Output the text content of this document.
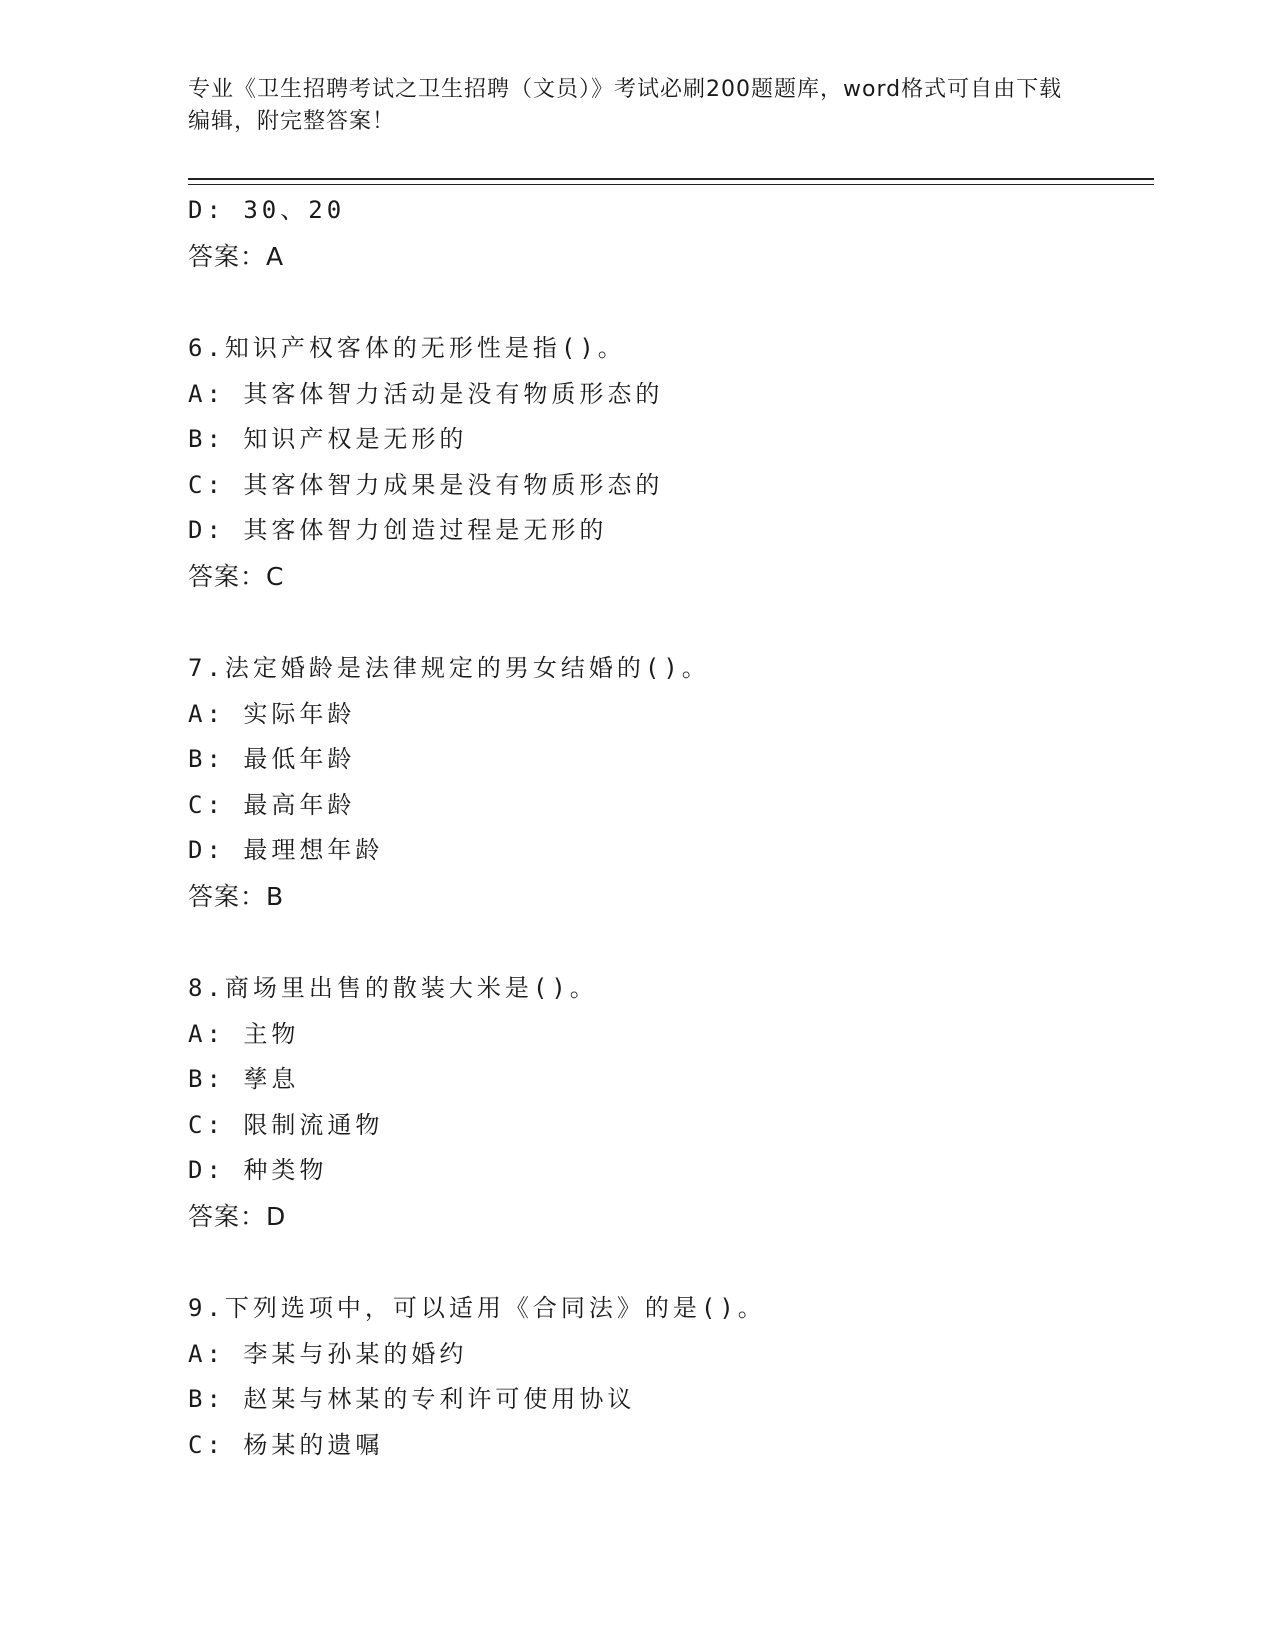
专业《卫生招聘考试之卫生招聘（文员）》考试必刷200题题库，word格式可自由下载编辑，附完整答案！
D: 30、20
答案：A
6.知识产权客体的无形性是指()。
A: 其客体智力活动是没有物质形态的
B: 知识产权是无形的
C: 其客体智力成果是没有物质形态的
D: 其客体智力创造过程是无形的
答案：C
7.法定婚龄是法律规定的男女结婚的()。
A: 实际年龄
B: 最低年龄
C: 最高年龄
D: 最理想年龄
答案：B
8.商场里出售的散装大米是()。
A: 主物
B: 孳息
C: 限制流通物
D: 种类物
答案：D
9.下列选项中，可以适用《合同法》的是()。
A: 李某与孙某的婚约
B: 赵某与林某的专利许可使用协议
C: 杨某的遗嘱
